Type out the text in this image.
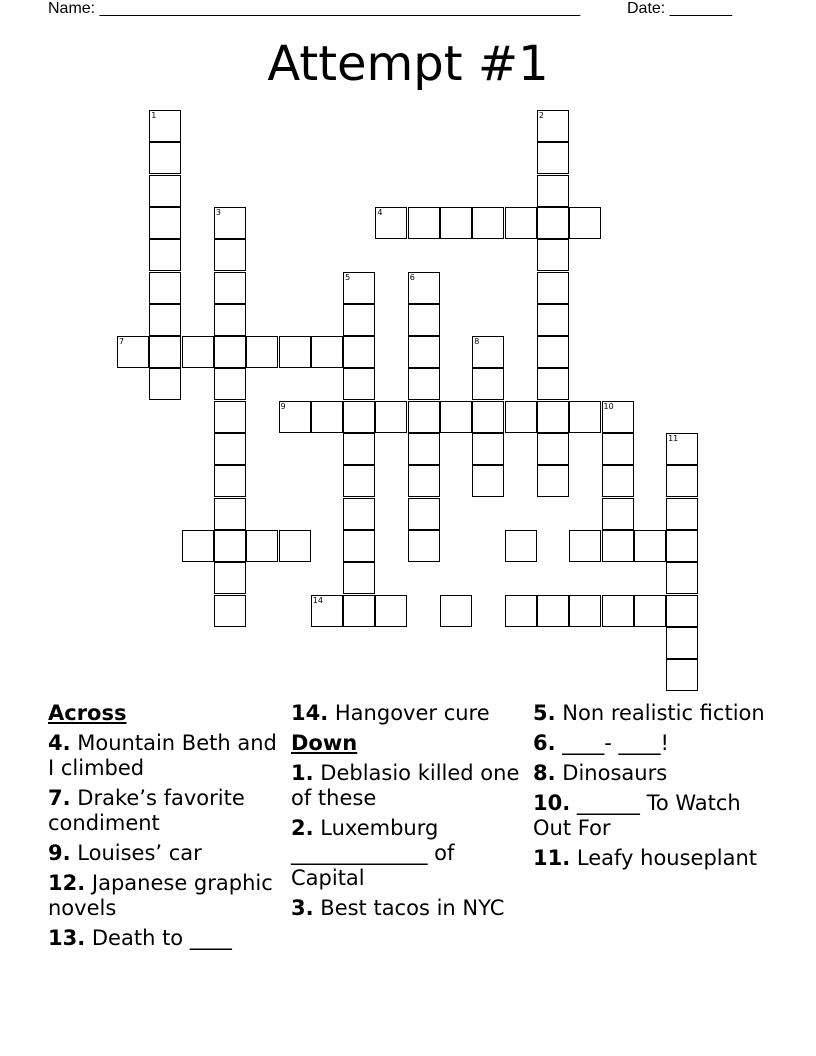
Name: ______________________________________________________	Date: _______
Attempt #1
1	2
3	4
5	6
7	8
9	10
11
14
Across
4. Mountain Beth and I climbed
7. Drake’s favorite condiment
9. Louises’ car
12. Japanese graphic novels
13. Death to ____
14. Hangover cure
Down
1. Deblasio killed one of these
2. Luxemburg _____________ of Capital
3. Best tacos in NYC
5. Non realistic fiction
6. ____- ____!
8. Dinosaurs
10. ______ To Watch Out For
11. Leafy houseplant
